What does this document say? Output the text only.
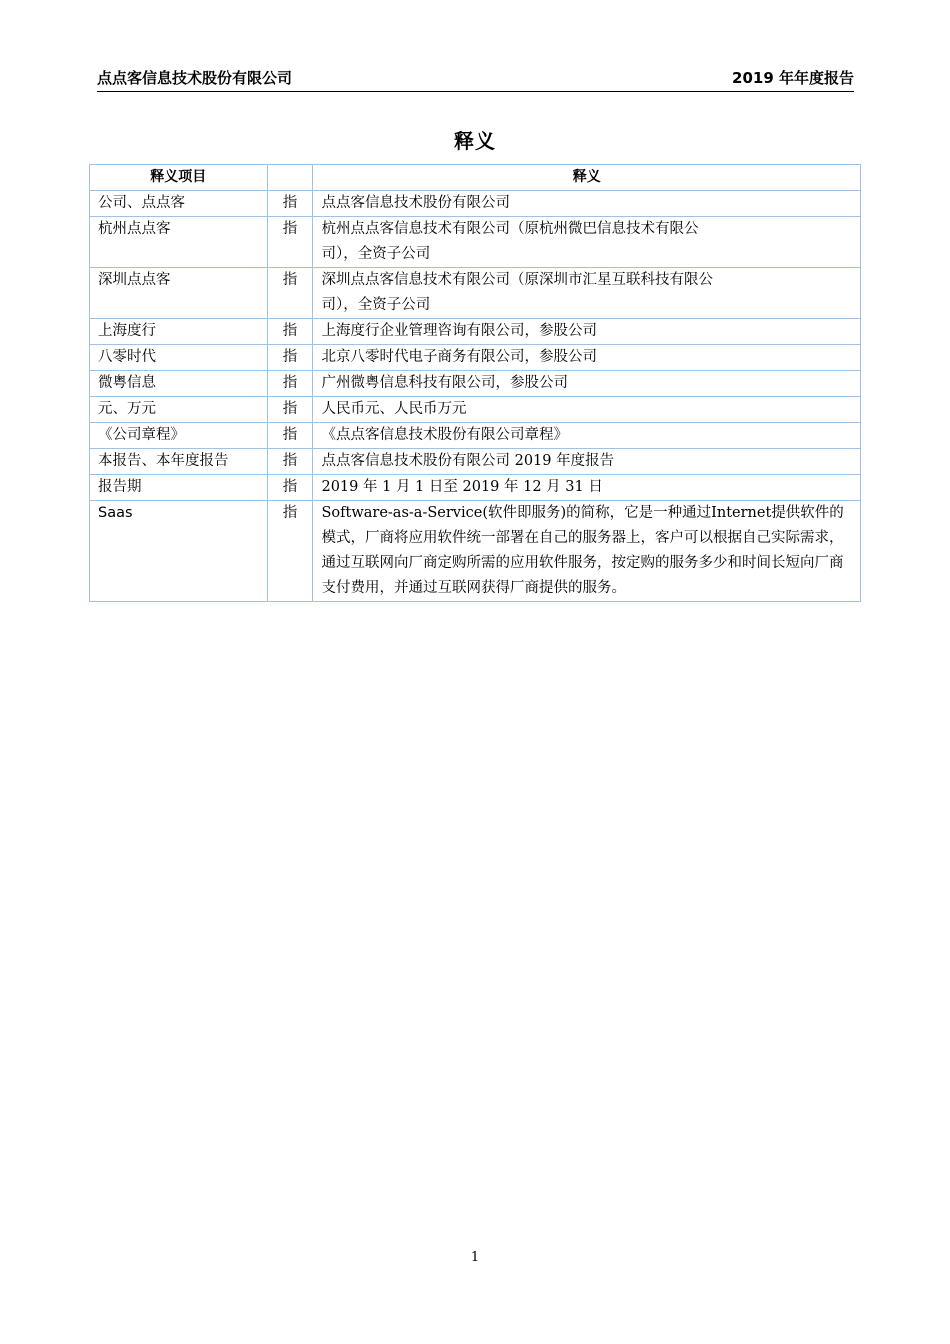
点点客信息技术股份有限公司	2019 年年度报告
释义
释义项目		释义
公司、点点客	指	点点客信息技术股份有限公司
杭州点点客	指	杭州点点客信息技术有限公司（原杭州微巴信息技术有限公司），全资子公司

深圳点点客	指	深圳点点客信息技术有限公司（原深圳市汇星互联科技有限公司），全资子公司

上海度行	指	上海度行企业管理咨询有限公司，参股公司
八零时代	指	北京八零时代电子商务有限公司，参股公司
微粤信息	指	广州微粤信息科技有限公司，参股公司
元、万元	指	人民币元、人民币万元
《公司章程》	指	《点点客信息技术股份有限公司章程》
本报告、本年度报告	指	点点客信息技术股份有限公司 2019 年度报告
报告期	指	2019 年 1 月 1 日至 2019 年 12 月 31 日
Saas	指	Software-as-a-Service(软件即服务)的简称，它是一种通过Internet提供软件的模式，厂商将应用软件统一部署在自己的服务器上，客户可以根据自己实际需求，通过互联网向厂商定购所需的应用软件服务，按定购的服务多少和时间长短向厂商支付费用，并通过互联网获得厂商提供的服务。
1
